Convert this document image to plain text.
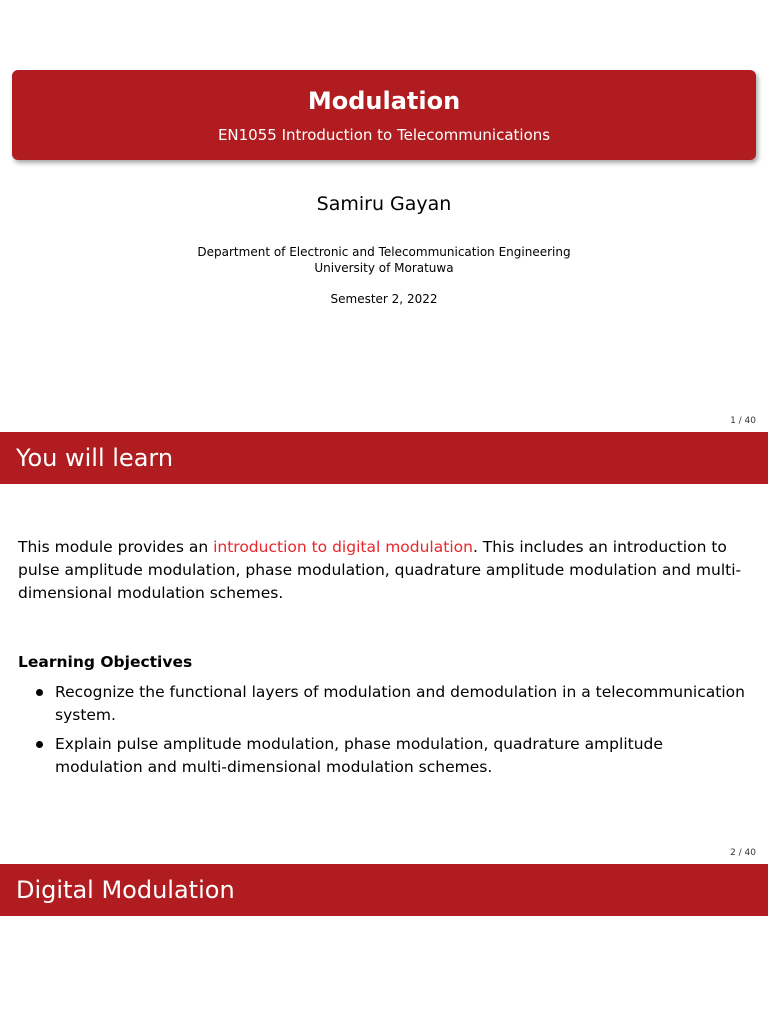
Modulation
EN1055 Introduction to Telecommunications
Samiru Gayan
Department of Electronic and Telecommunication Engineering
University of Moratuwa
Semester 2, 2022
1 / 40
You will learn
This module provides an introduction to digital modulation. This includes an introduction to pulse amplitude modulation, phase modulation, quadrature amplitude modulation and multi-dimensional modulation schemes.
Learning Objectives
Recognize the functional layers of modulation and demodulation in a telecommunication system.
Explain pulse amplitude modulation, phase modulation, quadrature amplitude modulation and multi-dimensional modulation schemes.
2 / 40
Digital Modulation
